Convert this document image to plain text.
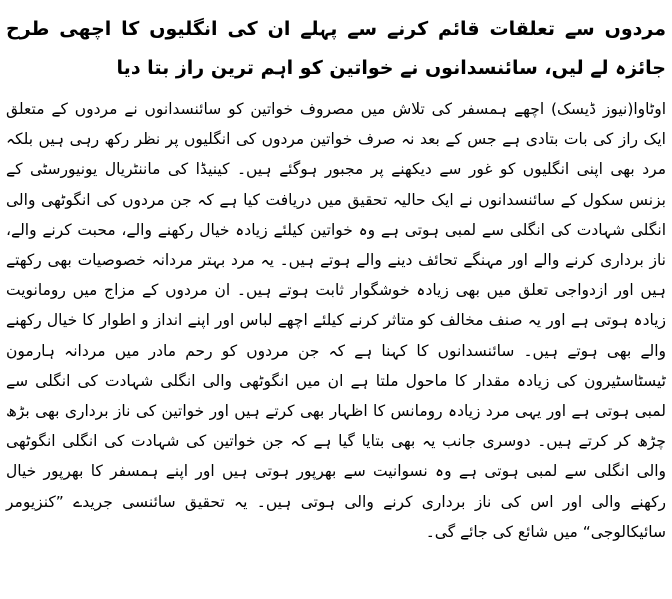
مردوں سے تعلقات قائم کرنے سے پہلے ان کی انگلیوں کا اچھی طرح جائزہ لے لیں، سائنسدانوں نے خواتین کو اہم ترین راز بتا دیا

اوٹاوا(نیوز ڈیسک) اچھے ہمسفر کی تلاش میں مصروف خواتین کو سائنسدانوں نے مردوں کے متعلق ایک راز کی بات بتادی ہے جس کے بعد نہ صرف خواتین مردوں کی انگلیوں پر نظر رکھ رہی ہیں بلکہ مرد بھی اپنی انگلیوں کو غور سے دیکھنے پر مجبور ہوگئے ہیں۔ کینیڈا کی ماننٹریال یونیورسٹی کے بزنس سکول کے سائنسدانوں نے ایک حالیہ تحقیق میں دریافت کیا ہے کہ جن مردوں کی انگوٹھی والی انگلی شہادت کی انگلی سے لمبی ہوتی ہے وہ خواتین کیلئے زیادہ خیال رکھنے والے، محبت کرنے والے، ناز برداری کرنے والے اور مہنگے تحائف دینے والے ہوتے ہیں۔ یہ مرد بہتر مردانہ خصوصیات بھی رکھتے ہیں اور ازدواجی تعلق میں بھی زیادہ خوشگوار ثابت ہوتے ہیں۔ ان مردوں کے مزاج میں رومانویت زیادہ ہوتی ہے اور یہ صنف مخالف کو متاثر کرنے کیلئے اچھے لباس اور اپنے انداز و اطوار کا خیال رکھنے والے بھی ہوتے ہیں۔ سائنسدانوں کا کہنا ہے کہ جن مردوں کو رحم مادر میں مردانہ ہارمون ٹیسٹاسٹیرون کی زیادہ مقدار کا ماحول ملتا ہے ان میں انگوٹھی والی انگلی شہادت کی انگلی سے لمبی ہوتی ہے اور یہی مرد زیادہ رومانس کا اظہار بھی کرتے ہیں اور خواتین کی ناز برداری بھی بڑھ چڑھ کر کرتے ہیں۔ دوسری جانب یہ بھی بتایا گیا ہے کہ جن خواتین کی شہادت کی انگلی انگوٹھی والی انگلی سے لمبی ہوتی ہے وہ نسوانیت سے بھرپور ہوتی ہیں اور اپنے ہمسفر کا بھرپور خیال رکھنے والی اور اس کی ناز برداری کرنے والی ہوتی ہیں۔ یہ تحقیق سائنسی جریدے ”کنزیومر سائیکالوجی“ میں شائع کی جائے گی۔
